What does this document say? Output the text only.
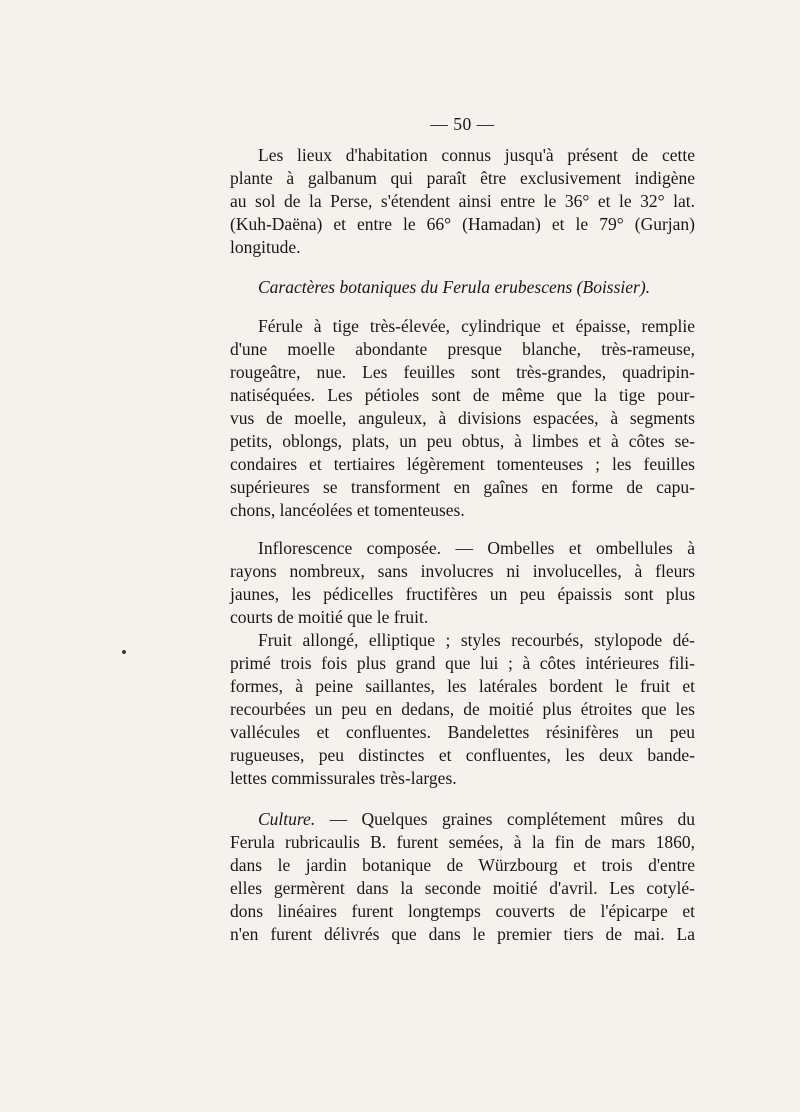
— 50 —
Les lieux d'habitation connus jusqu'à présent de cette
plante à galbanum qui paraît être exclusivement indigène
au sol de la Perse, s'étendent ainsi entre le 36° et le 32° lat.
(Kuh-Daëna) et entre le 66° (Hamadan) et le 79° (Gurjan)
longitude.
Caractères botaniques du Ferula erubescens (Boissier).
Férule à tige très-élevée, cylindrique et épaisse, remplie
d'une moelle abondante presque blanche, très-rameuse,
rougeâtre, nue. Les feuilles sont très-grandes, quadripin-
natiséquées. Les pétioles sont de même que la tige pour-
vus de moelle, anguleux, à divisions espacées, à segments
petits, oblongs, plats, un peu obtus, à limbes et à côtes se-
condaires et tertiaires légèrement tomenteuses ; les feuilles
supérieures se transforment en gaînes en forme de capu-
chons, lancéolées et tomenteuses.
Inflorescence composée. — Ombelles et ombellules à
rayons nombreux, sans involucres ni involucelles, à fleurs
jaunes, les pédicelles fructifères un peu épaissis sont plus
courts de moitié que le fruit.
Fruit allongé, elliptique ; styles recourbés, stylopode dé-
primé trois fois plus grand que lui ; à côtes intérieures fili-
formes, à peine saillantes, les latérales bordent le fruit et
recourbées un peu en dedans, de moitié plus étroites que les
vallécules et confluentes. Bandelettes résinifères un peu
rugueuses, peu distinctes et confluentes, les deux bande-
lettes commissurales très-larges.
Culture. — Quelques graines complétement mûres du
Ferula rubricaulis B. furent semées, à la fin de mars 1860,
dans le jardin botanique de Würzbourg et trois d'entre
elles germèrent dans la seconde moitié d'avril. Les cotylé-
dons linéaires furent longtemps couverts de l'épicarpe et
n'en furent délivrés que dans le premier tiers de mai. La
